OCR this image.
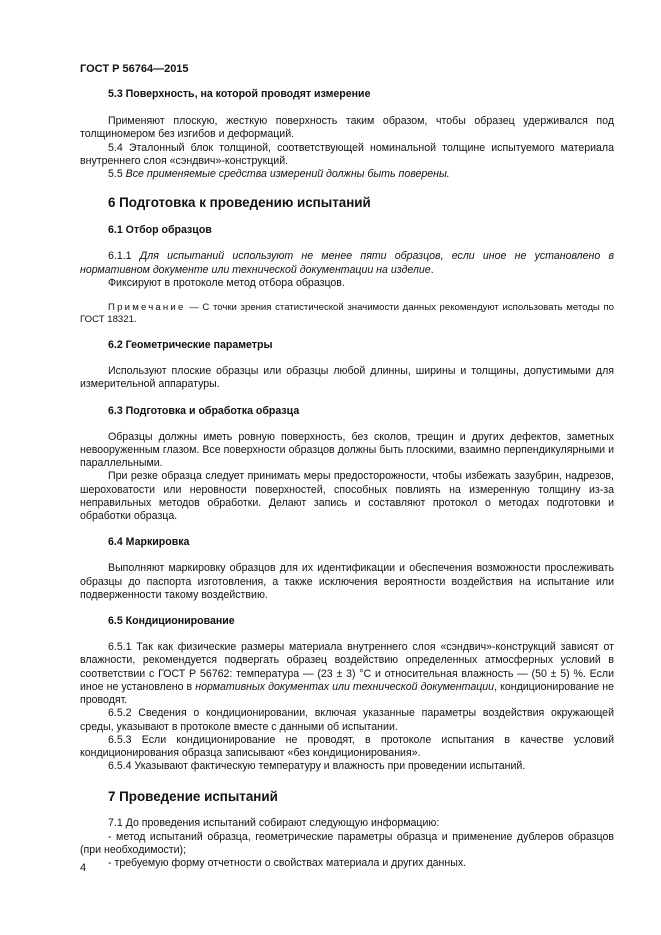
ГОСТ Р 56764—2015

5.3 Поверхность, на которой проводят измерение

Применяют плоскую, жесткую поверхность таким образом, чтобы образец удерживался под толщиномером без изгибов и деформаций.

5.4 Эталонный блок толщиной, соответствующей номинальной толщине испытуемого материала внутреннего слоя «сэндвич»-конструкций.

5.5 Все применяемые средства измерений должны быть поверены.

6 Подготовка к проведению испытаний

6.1 Отбор образцов

6.1.1 Для испытаний используют не менее пяти образцов, если иное не установлено в нормативном документе или технической документации на изделие.

Фиксируют в протоколе метод отбора образцов.

Примечание — С точки зрения статистической значимости данных рекомендуют использовать методы по ГОСТ 18321.

6.2 Геометрические параметры

Используют плоские образцы или образцы любой длинны, ширины и толщины, допустимыми для измерительной аппаратуры.

6.3 Подготовка и обработка образца

Образцы должны иметь ровную поверхность, без сколов, трещин и других дефектов, заметных невооруженным глазом. Все поверхности образцов должны быть плоскими, взаимно перпендикулярными и параллельными.

При резке образца следует принимать меры предосторожности, чтобы избежать зазубрин, надрезов, шероховатости или неровности поверхностей, способных повлиять на измеренную толщину из-за неправильных методов обработки. Делают запись и составляют протокол о методах подготовки и обработки образца.

6.4 Маркировка

Выполняют маркировку образцов для их идентификации и обеспечения возможности прослеживать образцы до паспорта изготовления, а также исключения вероятности воздействия на испытание или подверженности такому воздействию.

6.5 Кондиционирование

6.5.1 Так как физические размеры материала внутреннего слоя «сэндвич»-конструкций зависят от влажности, рекомендуется подвергать образец воздействию определенных атмосферных условий в соответствии с ГОСТ Р 56762: температура — (23 ± 3) °С и относительная влажность — (50 ± 5) %. Если иное не установлено в нормативных документах или технической документации, кондиционирование не проводят.

6.5.2 Сведения о кондиционировании, включая указанные параметры воздействия окружающей среды, указывают в протоколе вместе с данными об испытании.

6.5.3 Если кондиционирование не проводят, в протоколе испытания в качестве условий кондиционирования образца записывают «без кондиционирования».

6.5.4 Указывают фактическую температуру и влажность при проведении испытаний.

7 Проведение испытаний

7.1 До проведения испытаний собирают следующую информацию:

- метод испытаний образца, геометрические параметры образца и применение дублеров образцов (при необходимости);

- требуемую форму отчетности о свойствах материала и других данных.

4
